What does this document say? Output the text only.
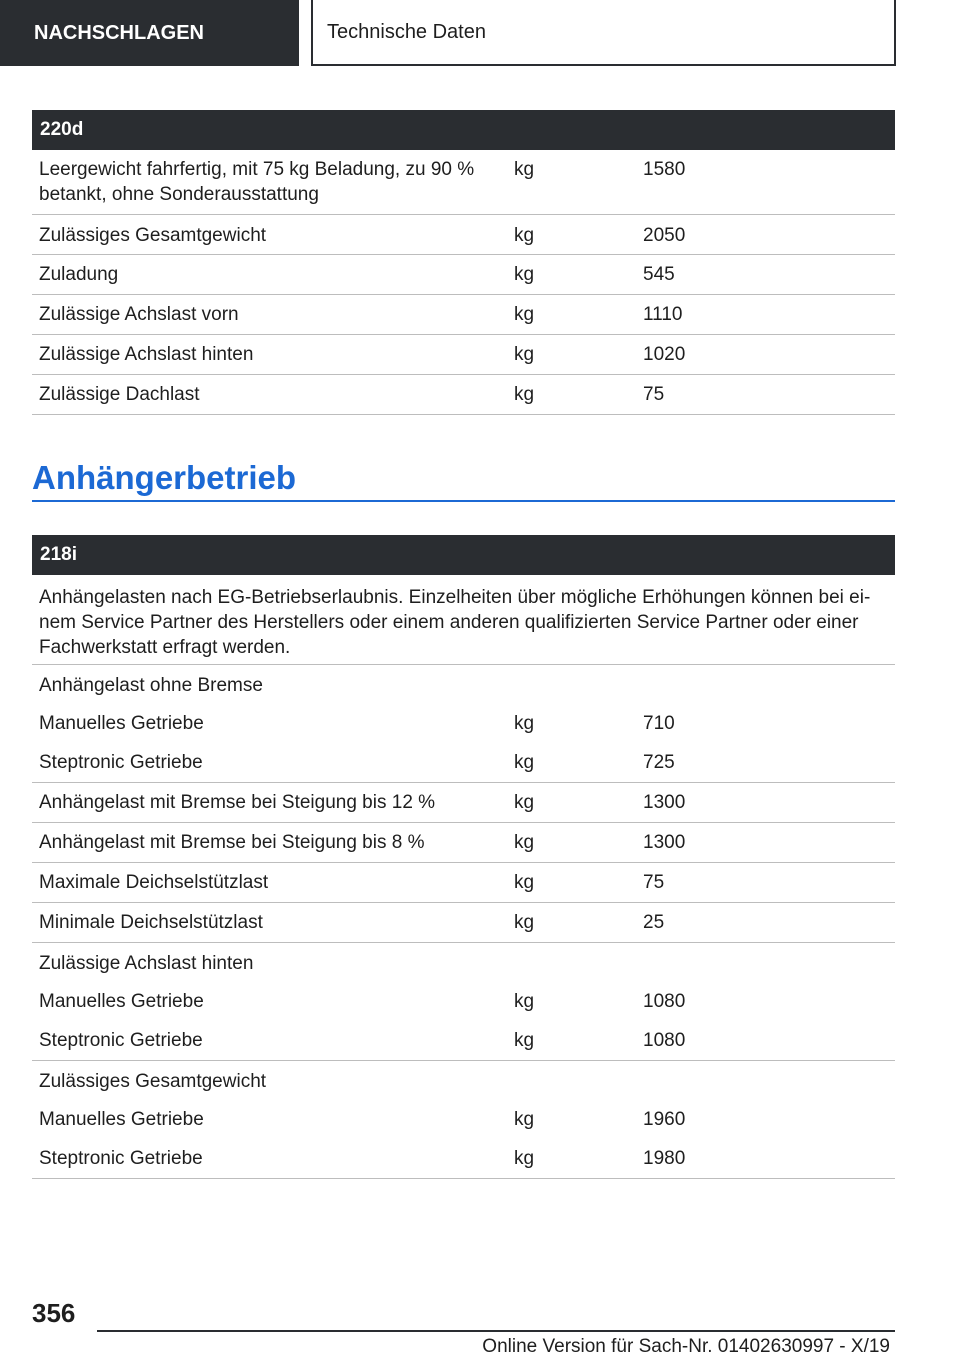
NACHSCHLAGEN	Technische Daten
220d
Leergewicht fahrfertig, mit 75 kg Beladung, zu 90 %
betankt, ohne Sonderausstattung
kg	1580
Zulässiges Gesamtgewicht	kg	2050
Zuladung	kg	545
Zulässige Achslast vorn	kg	1110
Zulässige Achslast hinten	kg	1020
Zulässige Dachlast	kg	75
Anhängerbetrieb
218i
Anhängelasten nach EG-Betriebserlaubnis. Einzelheiten über mögliche Erhöhungen können bei ei-
nem Service Partner des Herstellers oder einem anderen qualifizierten Service Partner oder einer
Fachwerkstatt erfragt werden.
Anhängelast ohne Bremse
Manuelles Getriebe	kg	710
Steptronic Getriebe	kg	725
Anhängelast mit Bremse bei Steigung bis 12 %	kg	1300
Anhängelast mit Bremse bei Steigung bis 8 %	kg	1300
Maximale Deichselstützlast	kg	75
Minimale Deichselstützlast	kg	25
Zulässige Achslast hinten
Manuelles Getriebe	kg	1080
Steptronic Getriebe	kg	1080
Zulässiges Gesamtgewicht
Manuelles Getriebe	kg	1960
Steptronic Getriebe	kg	1980
356
Online Version für Sach-Nr. 01402630997 - X/19
